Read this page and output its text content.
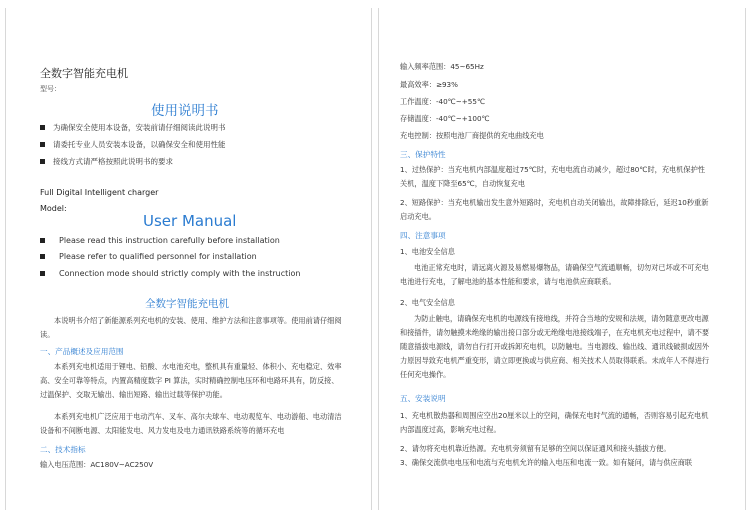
全数字智能充电机
型号：
使用说明书
为确保安全使用本设备，安装前请仔细阅读此说明书
请委托专业人员安装本设备，以确保安全和使用性能
接线方式请严格按照此说明书的要求
Full Digital Intelligent charger
Model:
User Manual
Please read this instruction carefully before installation
Please refer to qualified personnel for installation
Connection mode should strictly comply with the instruction
全数字智能充电机
本说明书介绍了新能源系列充电机的安装、使用、维护方法和注意事项等。使用前请仔细阅读。
一、产品概述及应用范围
本系列充电机适用于锂电、铅酸、水电池充电，整机具有重量轻、体积小、充电稳定、效率高、安全可靠等特点，内置高精度数字 PI 算法，实时精确控制电压环和电路环具有，防反接、过温保护、交取无输出、输出短路、输出过载等保护功能。
本系列充电机广泛应用于电动汽车、叉车、高尔夫球车、电动观览车、电动游船、电动清洁设备和不间断电源、太阳能发电、风力发电及电力通讯铁路系统等的循环充电
二、技术指标
输入电压范围：AC180V~AC250V
输入频率范围：45~65Hz
最高效率：≥93%
工作温度：-40℃~+55℃
存储温度：-40℃~+100℃
充电控制：按照电池厂商提供的充电曲线充电
三、保护特性
1、过热保护：当充电机内部温度超过75℃时，充电电流自动减少，超过80℃时，充电机保护性关机，温度下降至65℃，自动恢复充电
2、短路保护：当充电机输出发生意外短路时，充电机自动关闭输出，故障排除后，延迟10秒重新启动充电。
四、注意事项
1、电池安全信息
电池正常充电时，请远离火源及易燃易爆物品，请确保空气流通顺畅，切勿对已坏或不可充电电池进行充电，了解电池的基本性能和要求，请与电池供应商联系。
2、电气安全信息
为防止触电，请确保充电机的电源线有接地线，并符合当地的安规和法规，请勿随意更改电源和接插件，请勿触摸未绝缘的输出接口部分或无绝缘电池接线端子，在充电机充电过程中，请不要随意插拔电源线，请勿自行打开或拆卸充电机，以防触电。当电源线、输出线、通讯线破损或因外力原因导致充电机严重变形，请立即更换或与供应商、相关技术人员取得联系。未成年人不得进行任何充电操作。
五、安装说明
1、充电机散热器和周围应空出20厘米以上的空间，确保充电时气流的通畅，否则容易引起充电机内部温度过高，影响充电过程。
2、请勿将充电机靠近热源。充电机旁须留有足够的空间以保证通风和接头插拔方便。
3、确保交流供电电压和电流与充电机允许的输入电压和电流一致。如有疑问，请与供应商联
